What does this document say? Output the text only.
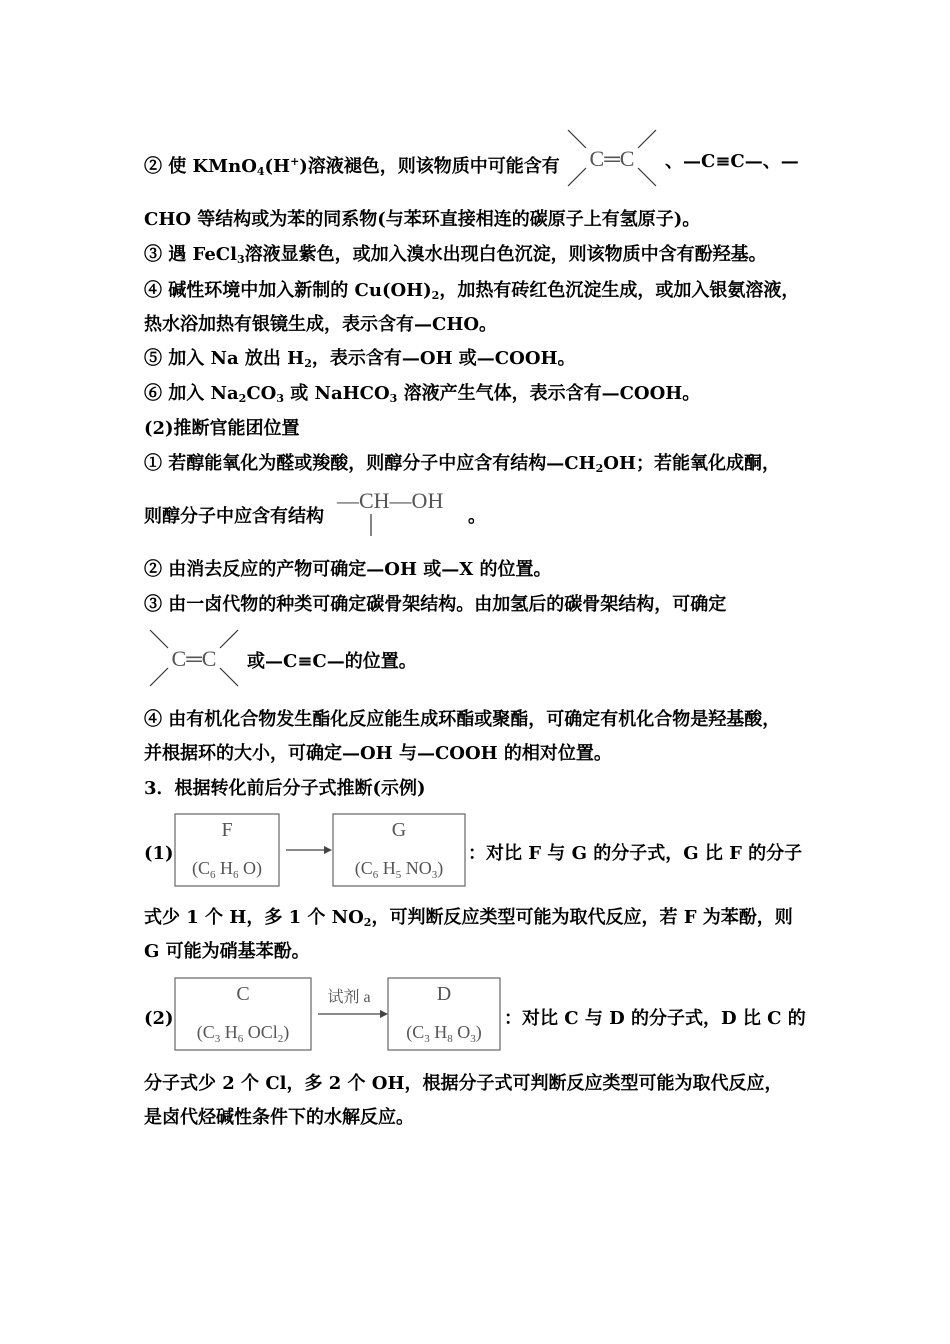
② 使 KMnO$_4$(H+)溶液褪色，则该物质中可能含有 C═C 、—C≡C—、—
CHO 等结构或为苯的同系物(与苯环直接相连的碳原子上有氢原子)。
③ 遇 FeCl$_3$溶液显紫色，或加入溴水出现白色沉淀，则该物质中含有酚羟基。
④ 碱性环境中加入新制的 $Cu(OH)_2$，加热有砖红色沉淀生成，或加入银氨溶液，
热水浴加热有银镜生成，表示含有—CHO。
⑤ 加入 Na 放出 $H_2$，表示含有—OH 或—COOH。
⑥ 加入 $Na_2CO_3$ 或 NaHCO$_3$ 溶液产生气体，表示含有—COOH。
(2)推断官能团位置
① 若醇能氧化为醛或羧酸，则醇分子中应含有结构$—CH_2OH$；若能氧化成酮，
则醇分子中应含有结构
—CH—OH
。
② 由消去反应的产物可确定—OH 或—X 的位置。
③ 由一卤代物的种类可确定碳骨架结构。由加氢后的碳骨架结构，可确定
C═C 或—C≡C—的位置。
④ 由有机化合物发生酯化反应能生成环酯或聚酯，可确定有机化合物是羟基酸，
并根据环的大小，可确定—OH 与—COOH 的相对位置。
3．根据转化前后分子式推断(示例)
(1)
F
($C_6$ $H_6$ O)
G
($C_6$ $H_5$ $NO_3$)
：对比 F 与 G 的分子式，G 比 F 的分子
式少 1 个 H，多 1 个 $NO_2$，可判断反应类型可能为取代反应，若 F 为苯酚，则
G 可能为硝基苯酚。
(2)
C
($C_3$ $H_6$ OCl$_2$)
试剂 a	D
($C_3$ $H_8$ $O_3$)
：对比 C 与 D 的分子式，D 比 C 的
分子式少 2 个 Cl，多 2 个 OH，根据分子式可判断反应类型可能为取代反应，
是卤代烃碱性条件下的水解反应。
